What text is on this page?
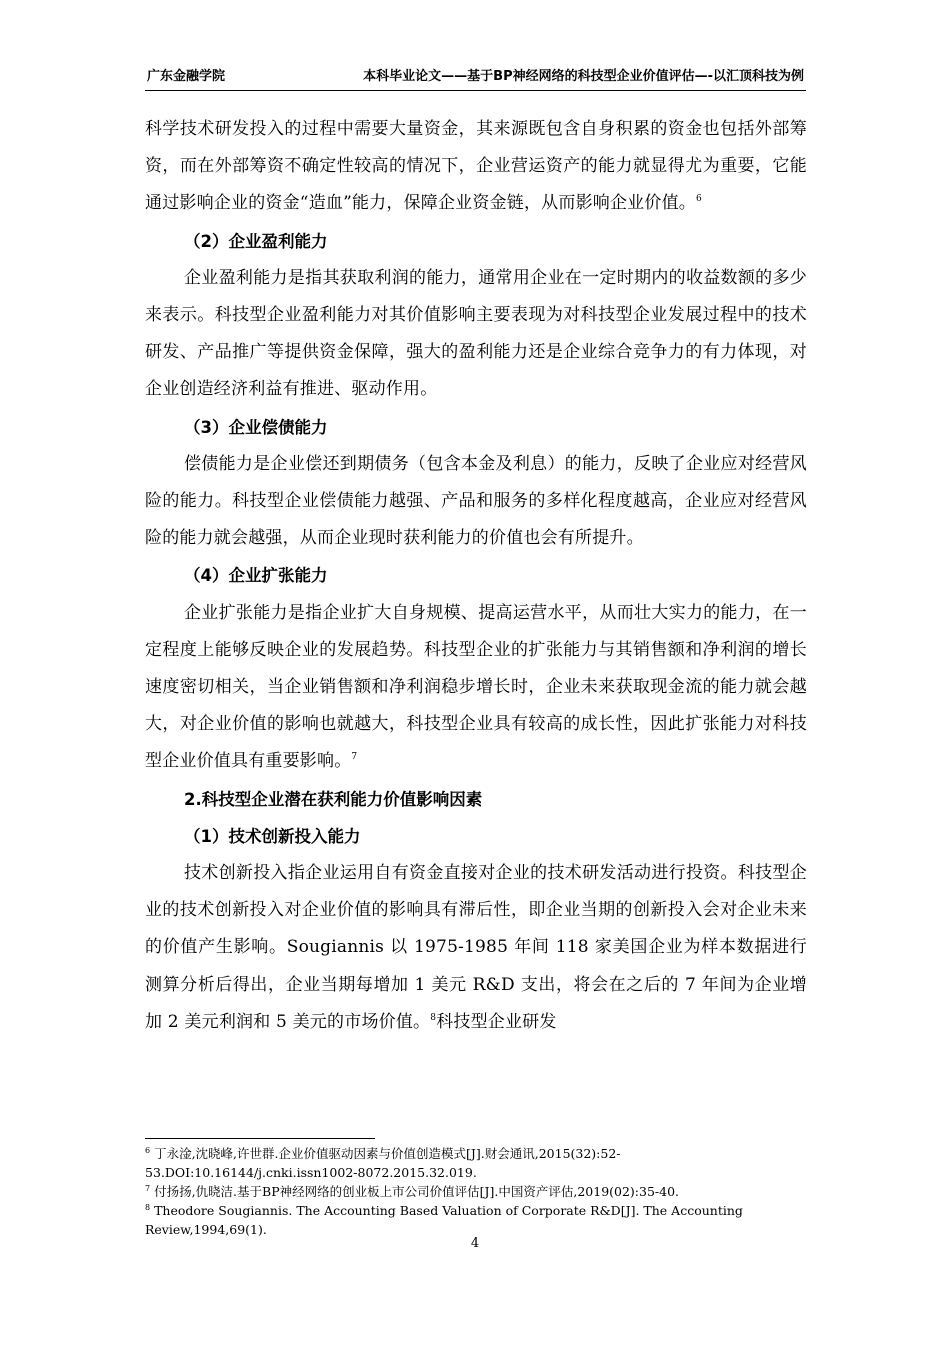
广东金融学院	本科毕业论文——基于BP神经网络的科技型企业价值评估—-以汇顶科技为例

科学技术研发投入的过程中需要大量资金，其来源既包含自身积累的资金也包括外部筹资，而在外部筹资不确定性较高的情况下，企业营运资产的能力就显得尤为重要，它能通过影响企业的资金“造血”能力，保障企业资金链，从而影响企业价值。$^6$

（2）企业盈利能力

企业盈利能力是指其获取利润的能力，通常用企业在一定时期内的收益数额的多少来表示。科技型企业盈利能力对其价值影响主要表现为对科技型企业发展过程中的技术研发、产品推广等提供资金保障，强大的盈利能力还是企业综合竞争力的有力体现，对企业创造经济利益有推进、驱动作用。

（3）企业偿债能力

偿债能力是企业偿还到期债务（包含本金及利息）的能力，反映了企业应对经营风险的能力。科技型企业偿债能力越强、产品和服务的多样化程度越高，企业应对经营风险的能力就会越强，从而企业现时获利能力的价值也会有所提升。

（4）企业扩张能力

企业扩张能力是指企业扩大自身规模、提高运营水平，从而壮大实力的能力，在一定程度上能够反映企业的发展趋势。科技型企业的扩张能力与其销售额和净利润的增长速度密切相关，当企业销售额和净利润稳步增长时，企业未来获取现金流的能力就会越大，对企业价值的影响也就越大，科技型企业具有较高的成长性，因此扩张能力对科技型企业价值具有重要影响。$^7$

2.科技型企业潜在获利能力价值影响因素

（1）技术创新投入能力

技术创新投入指企业运用自有资金直接对企业的技术研发活动进行投资。科技型企业的技术创新投入对企业价值的影响具有滞后性，即企业当期的创新投入会对企业未来的价值产生影响。Sougiannis 以 1975-1985 年间 118 家美国企业为样本数据进行测算分析后得出，企业当期每增加 1 美元 R&D 支出，将会在之后的 7 年间为企业增加 2 美元利润和 5 美元的市场价值。$^8$科技型企业研发

$^6$ 丁永淦,沈晓峰,许世群.企业价值驱动因素与价值创造模式[J].财会通讯,2015(32):52-53.DOI:10.16144/j.cnki.issn1002-8072.2015.32.019.

$^7$ 付扬扬,仇晓洁.基于BP神经网络的创业板上市公司价值评估[J].中国资产评估,2019(02):35-40.

$^8$ Theodore Sougiannis. The Accounting Based Valuation of Corporate R&D[J]. The Accounting Review,1994,69(1).

4
